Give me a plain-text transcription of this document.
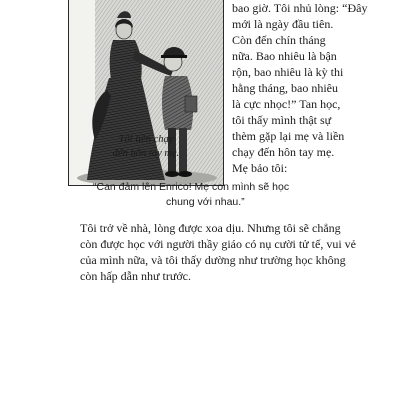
Tôi liền chạy
đến hôn tay mẹ.
bao giờ. Tôi nhủ lòng: “Đây
mới là ngày đầu tiên.
Còn đến chín tháng
nữa. Bao nhiêu là bận
rộn, bao nhiêu là kỳ thi
hằng tháng, bao nhiêu
là cực nhọc!” Tan học,
tôi thấy mình thật sự
thèm gặp lại mẹ và liền
chạy đến hôn tay mẹ.
Mẹ bảo tôi:
“Can đảm lên Enrico! Mẹ con mình sẽ học
chung với nhau.”
Tôi trở về nhà, lòng được xoa dịu. Nhưng tôi sẽ chẳng
còn được học với người thầy giáo có nụ cười tử tế, vui vẻ
của mình nữa, và tôi thấy dường như trường học không
còn hấp dẫn như trước.
